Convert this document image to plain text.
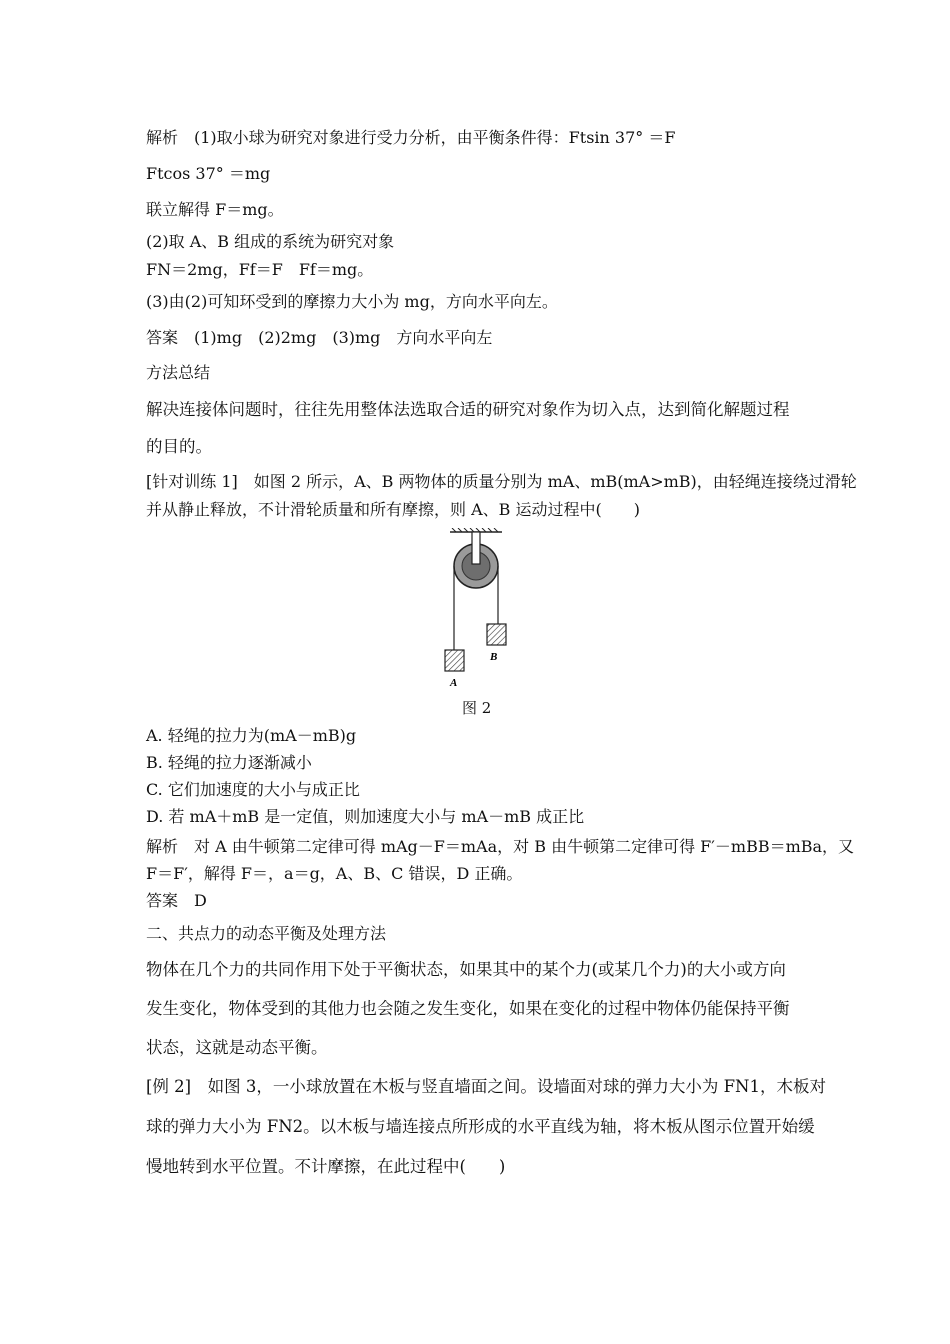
解析　(1)取小球为研究对象进行受力分析，由平衡条件得：Ftsin 37° ＝F
Ftcos 37° ＝mg
联立解得 F＝mg。
(2)取 A、B 组成的系统为研究对象
FN＝2mg，Ff＝F　Ff＝mg。
(3)由(2)可知环受到的摩擦力大小为 mg，方向水平向左。
答案　(1)mg　(2)2mg　(3)mg　方向水平向左
方法总结
解决连接体问题时，往往先用整体法选取合适的研究对象作为切入点，达到简化解题过程
的目的。
[针对训练 1]　如图 2 所示，A、B 两物体的质量分别为 mA、mB(mA>mB)，由轻绳连接绕过滑轮
并从静止释放，不计滑轮质量和所有摩擦，则 A、B 运动过程中(　　)
A
B
图 2
A. 轻绳的拉力为(mA－mB)g
B. 轻绳的拉力逐渐减小
C. 它们加速度的大小与成正比
D. 若 mA＋mB 是一定值，则加速度大小与 mA－mB 成正比
解析　对 A 由牛顿第二定律可得 mAg－F＝mAa，对 B 由牛顿第二定律可得 F′－mBB＝mBa，又
F＝F′，解得 F＝，a＝g，A、B、C 错误，D 正确。
答案　D
二、共点力的动态平衡及处理方法
物体在几个力的共同作用下处于平衡状态，如果其中的某个力(或某几个力)的大小或方向
发生变化，物体受到的其他力也会随之发生变化，如果在变化的过程中物体仍能保持平衡
状态，这就是动态平衡。
[例 2]　如图 3，一小球放置在木板与竖直墙面之间。设墙面对球的弹力大小为 FN1，木板对
球的弹力大小为 FN2。以木板与墙连接点所形成的水平直线为轴，将木板从图示位置开始缓
慢地转到水平位置。不计摩擦，在此过程中(　　)
